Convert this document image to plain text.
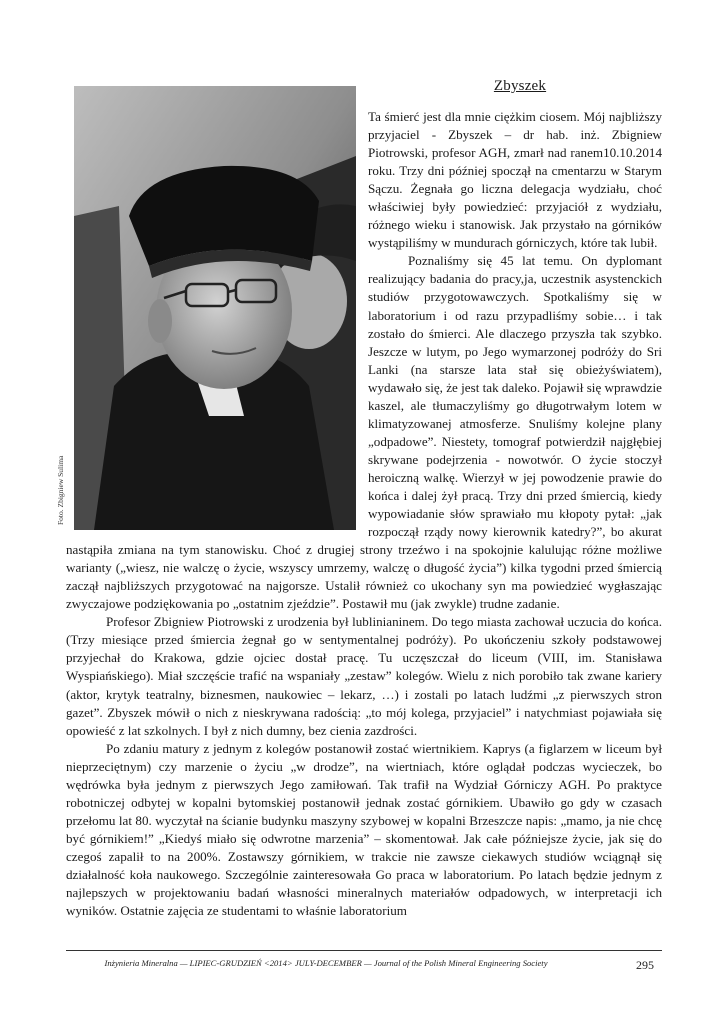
Zbyszek
Foto. Zbigniew Sulima

Ta śmierć jest dla mnie ciężkim ciosem. Mój najbliższy przyjaciel - Zbyszek – dr hab. inż. Zbigniew Piotrowski, profesor AGH, zmarł nad ranem10.10.2014 roku. Trzy dni później spoczął na cmentarzu w Starym Sączu. Żegnała go liczna delegacja wydziału, choć właściwiej były powiedzieć: przyjaciół z wydziału, różnego wieku i stanowisk. Jak przystało na górników wystąpiliśmy w mundurach górniczych, które tak lubił.

Poznaliśmy się 45 lat temu. On dyplomant realizujący badania do pracy,ja, uczestnik asystenckich studiów przygotowawczych. Spotkaliśmy się w laboratorium i od razu przypadliśmy sobie… i tak zostało do śmierci. Ale dlaczego przyszła tak szybko. Jeszcze w lutym, po Jego wymarzonej podróży do Sri Lanki (na starsze lata stał się obieżyświatem), wydawało się, że jest tak daleko. Pojawił się wprawdzie kaszel, ale tłumaczyliśmy go długotrwałym lotem w klimatyzowanej atmosferze. Snuliśmy kolejne plany „odpadowe”. Niestety, tomograf potwierdził najgłębiej skrywane podejrzenia - nowotwór. O życie stoczył heroiczną walkę. Wierzył w jej powodzenie prawie do końca i dalej żył pracą. Trzy dni przed śmiercią, kiedy wypowiadanie słów sprawiało mu kłopoty pytał: „jak rozpoczął rządy nowy kierownik katedry?”, bo akurat nastąpiła zmiana na tym stanowisku. Choć z drugiej strony trzeźwo i na spokojnie kalulując różne możliwe warianty („wiesz, nie walczę o życie, wszyscy umrzemy, walczę o długość życia”) kilka tygodni przed śmiercią zaczął najbliższych przygotować na najgorsze. Ustalił również co ukochany syn ma powiedzieć wygłaszając zwyczajowe podziękowania po „ostatnim zjeździe”. Postawił mu (jak zwykle) trudne zadanie.

Profesor Zbigniew Piotrowski z urodzenia był lublinianinem. Do tego miasta zachował uczucia do końca. (Trzy miesiące przed śmiercia żegnał go w sentymentalnej podróży). Po ukończeniu szkoły podstawowej przyjechał do Krakowa, gdzie ojciec dostał pracę. Tu uczęszczał do liceum (VIII, im. Stanisława Wyspiańskiego). Miał szczęście trafić na wspaniały „zestaw” kolegów. Wielu z nich porobiło tak zwane kariery (aktor, krytyk teatralny, biznesmen, naukowiec – lekarz, …) i zostali po latach ludźmi „z pierwszych stron gazet”. Zbyszek mówił o nich z nieskrywana radością: „to mój kolega, przyjaciel” i natychmiast pojawiała się opowieść z lat szkolnych. I był z nich dumny, bez cienia zazdrości.

Po zdaniu matury z jednym z kolegów postanowił zostać wiertnikiem. Kaprys (a figlarzem w liceum był nieprzeciętnym) czy marzenie o życiu „w drodze”, na wiertniach, które oglądał podczas wycieczek, bo wędrówka była jednym z pierwszych Jego zamiłowań. Tak trafił na Wydział Górniczy AGH. Po praktyce robotniczej odbytej w kopalni bytomskiej postanowił jednak zostać górnikiem. Ubawiło go gdy w czasach przełomu lat 80. wyczytał na ścianie budynku maszyny szybowej w kopalni Brzeszcze napis: „mamo, ja nie chcę być górnikiem!” „Kiedyś miało się odwrotne marzenia” – skomentował. Jak całe późniejsze życie, jak się do czegoś zapalił to na 200%. Zostawszy górnikiem, w trakcie nie zawsze ciekawych studiów wciągnął się działalność koła naukowego. Szczególnie zainteresowała Go praca w laboratorium. Po latach będzie jednym z najlepszych w projektowaniu badań własności mineralnych materiałów odpadowych, w interpretacji ich wyników. Ostatnie zajęcia ze studentami to właśnie laboratorium

Inżynieria Mineralna — LIPIEC-GRUDZIEŃ <2014> JULY-DECEMBER — Journal of the Polish Mineral Engineering Society	295
